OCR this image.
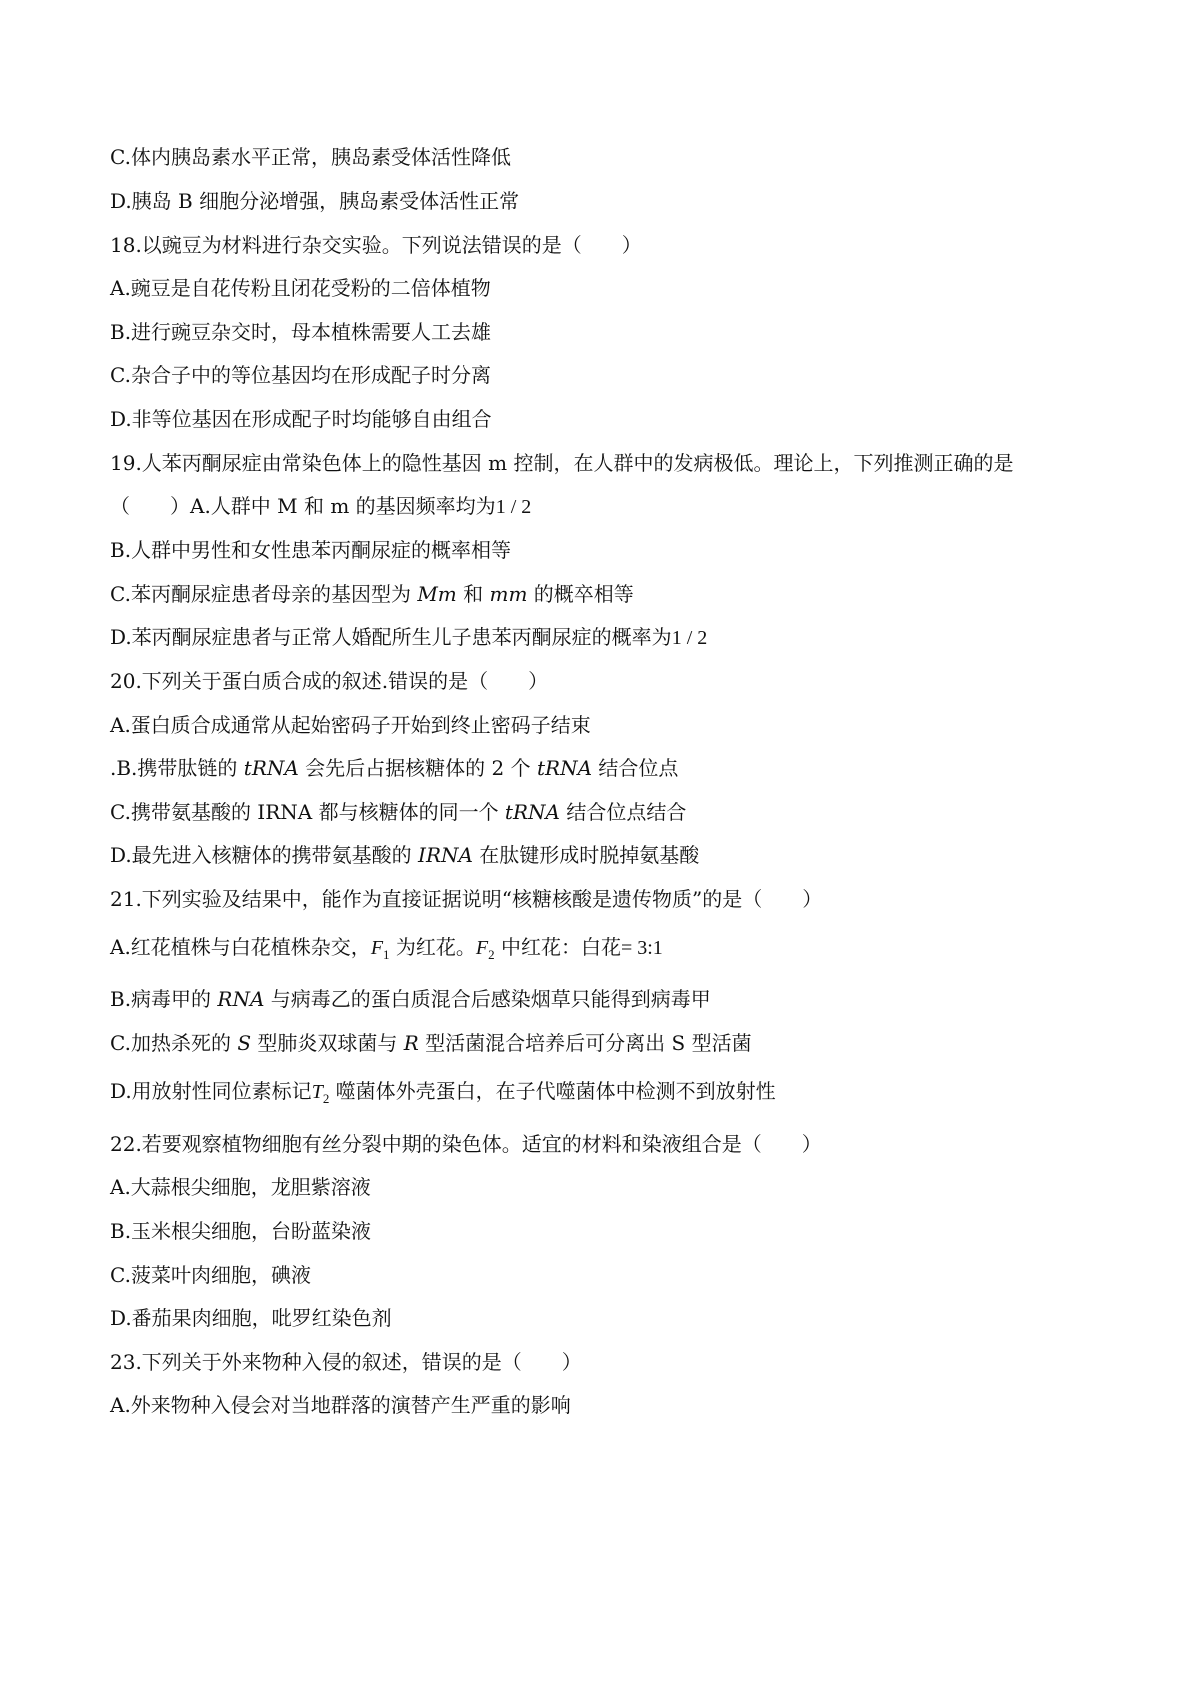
C.体内胰岛素水平正常，胰岛素受体活性降低
D.胰岛 B 细胞分泌增强，胰岛素受体活性正常
18.以豌豆为材料进行杂交实验。下列说法错误的是（　　）
A.豌豆是自花传粉且闭花受粉的二倍体植物
B.进行豌豆杂交时，母本植株需要人工去雄
C.杂合子中的等位基因均在形成配子时分离
D.非等位基因在形成配子时均能够自由组合
19.人苯丙酮尿症由常染色体上的隐性基因 m 控制，在人群中的发病极低。理论上，下列推测正确的是
（　　）A.人群中 M 和 m 的基因频率均为1 / 2
B.人群中男性和女性患苯丙酮尿症的概率相等
C.苯丙酮尿症患者母亲的基因型为 Mm 和 mm 的概卒相等
D.苯丙酮尿症患者与正常人婚配所生儿子患苯丙酮尿症的概率为1 / 2
20.下列关于蛋白质合成的叙述.错误的是（　　）
A.蛋白质合成通常从起始密码子开始到终止密码子结束
.B.携带肽链的 tRNA 会先后占据核糖体的 2 个 tRNA 结合位点
C.携带氨基酸的 IRNA 都与核糖体的同一个 tRNA 结合位点结合
D.最先进入核糖体的携带氨基酸的 IRNA 在肽键形成时脱掉氨基酸
21.下列实验及结果中，能作为直接证据说明“核糖核酸是遗传物质”的是（　　）
A.红花植株与白花植株杂交，$F_1$ 为红花。$F_2$ 中红花：白花= 3:1
B.病毒甲的 RNA 与病毒乙的蛋白质混合后感染烟草只能得到病毒甲
C.加热杀死的 S 型肺炎双球菌与 R 型活菌混合培养后可分离出 S 型活菌
D.用放射性同位素标记$T_2$ 噬菌体外壳蛋白，在子代噬菌体中检测不到放射性
22.若要观察植物细胞有丝分裂中期的染色体。适宜的材料和染液组合是（　　）
A.大蒜根尖细胞，龙胆紫溶液
B.玉米根尖细胞，台盼蓝染液
C.菠菜叶肉细胞，碘液
D.番茄果肉细胞，吡罗红染色剂
23.下列关于外来物种入侵的叙述，错误的是（　　）
A.外来物种入侵会对当地群落的演替产生严重的影响
